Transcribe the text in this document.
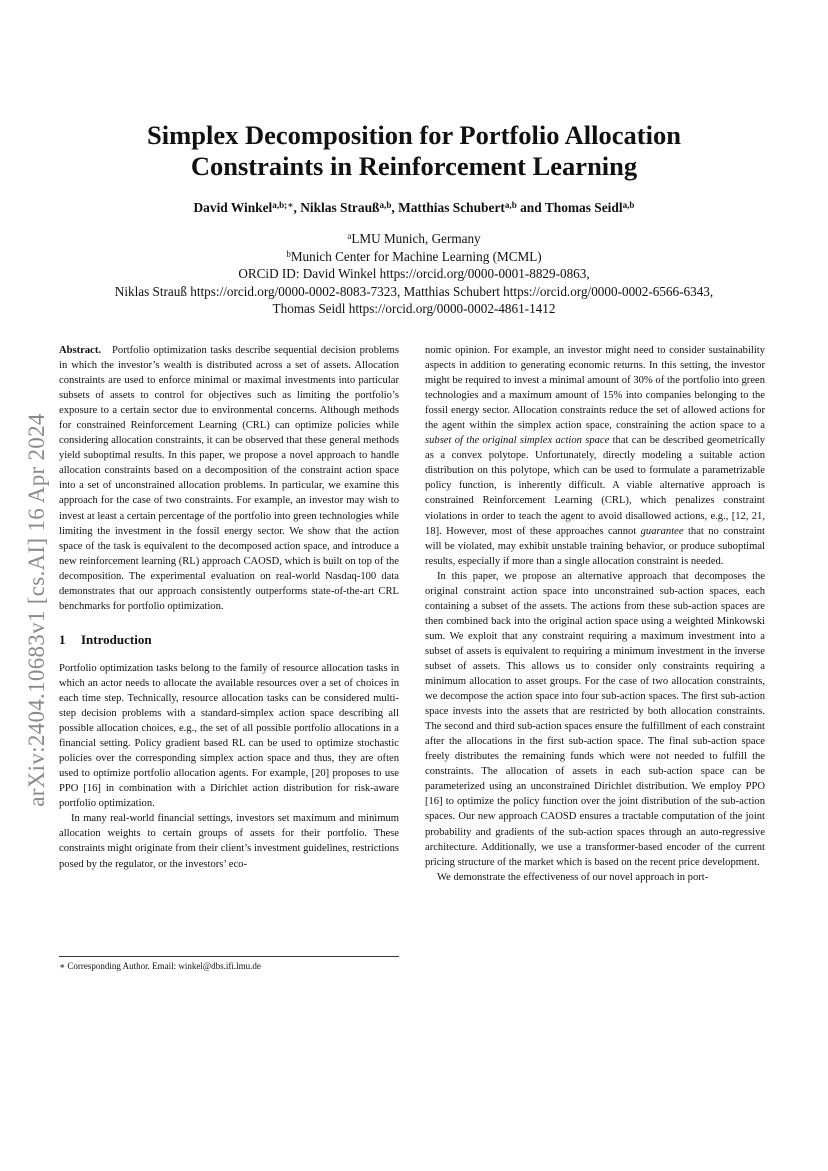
arXiv:2404.10683v1 [cs.AI] 16 Apr 2024
Simplex Decomposition for Portfolio Allocation
Constraints in Reinforcement Learning
David Winkel$^{a,b;∗}$, Niklas Strauß$^{a,b}$, Matthias Schubert$^{a,b}$ and Thomas Seidl$^{a,b}$
$^a$LMU Munich, Germany
$^b$Munich Center for Machine Learning (MCML)
ORCiD ID: David Winkel https://orcid.org/0000-0001-8829-0863,
Niklas Strauß https://orcid.org/0000-0002-8083-7323, Matthias Schubert https://orcid.org/0000-0002-6566-6343,
Thomas Seidl https://orcid.org/0000-0002-4861-1412

Abstract. Portfolio optimization tasks describe sequential decision problems in which the investor’s wealth is distributed across a set of assets. Allocation constraints are used to enforce minimal or maximal investments into particular subsets of assets to control for objectives such as limiting the portfolio’s exposure to a certain sector due to environmental concerns. Although methods for constrained Reinforcement Learning (CRL) can optimize policies while considering allocation constraints, it can be observed that these general methods yield suboptimal results. In this paper, we propose a novel approach to handle allocation constraints based on a decomposition of the constraint action space into a set of unconstrained allocation problems. In particular, we examine this approach for the case of two constraints. For example, an investor may wish to invest at least a certain percentage of the portfolio into green technologies while limiting the investment in the fossil energy sector. We show that the action space of the task is equivalent to the decomposed action space, and introduce a new reinforcement learning (RL) approach CAOSD, which is built on top of the decomposition. The experimental evaluation on real-world Nasdaq-100 data demonstrates that our approach consistently outperforms state-of-the-art CRL benchmarks for portfolio optimization.

1 Introduction

Portfolio optimization tasks belong to the family of resource allocation tasks in which an actor needs to allocate the available resources over a set of choices in each time step. Technically, resource allocation tasks can be considered multi-step decision problems with a standard-simplex action space describing all possible allocation choices, e.g., the set of all possible portfolio allocations in a financial setting. Policy gradient based RL can be used to optimize stochastic policies over the corresponding simplex action space and thus, they are often used to optimize portfolio allocation agents. For example, [20] proposes to use PPO [16] in combination with a Dirichlet action distribution for risk-aware portfolio optimization.

In many real-world financial settings, investors set maximum and minimum allocation weights to certain groups of assets for their portfolio. These constraints might originate from their client’s investment guidelines, restrictions posed by the regulator, or the investors’ eco-

∗ Corresponding Author. Email: winkel@dbs.ifi.lmu.de

nomic opinion. For example, an investor might need to consider sustainability aspects in addition to generating economic returns. In this setting, the investor might be required to invest a minimal amount of 30% of the portfolio into green technologies and a maximum amount of 15% into companies belonging to the fossil energy sector. Allocation constraints reduce the set of allowed actions for the agent within the simplex action space, constraining the action space to a subset of the original simplex action space that can be described geometrically as a convex polytope. Unfortunately, directly modeling a suitable action distribution on this polytope, which can be used to formulate a parametrizable policy function, is inherently difficult. A viable alternative approach is constrained Reinforcement Learning (CRL), which penalizes constraint violations in order to teach the agent to avoid disallowed actions, e.g., [12, 21, 18]. However, most of these approaches cannot guarantee that no constraint will be violated, may exhibit unstable training behavior, or produce suboptimal results, especially if more than a single allocation constraint is needed.

In this paper, we propose an alternative approach that decomposes the original constraint action space into unconstrained sub-action spaces, each containing a subset of the assets. The actions from these sub-action spaces are then combined back into the original action space using a weighted Minkowski sum. We exploit that any constraint requiring a maximum investment into a subset of assets is equivalent to requiring a minimum investment in the inverse subset of assets. This allows us to consider only constraints requiring a minimum allocation to asset groups. For the case of two allocation constraints, we decompose the action space into four sub-action spaces. The first sub-action space invests into the assets that are restricted by both allocation constraints. The second and third sub-action spaces ensure the fulfillment of each constraint after the allocations in the first sub-action space. The final sub-action space freely distributes the remaining funds which were not needed to fulfill the constraints. The allocation of assets in each sub-action space can be parameterized using an unconstrained Dirichlet distribution. We employ PPO [16] to optimize the policy function over the joint distribution of the sub-action spaces. Our new approach CAOSD ensures a tractable computation of the joint probability and gradients of the sub-action spaces through an auto-regressive architecture. Additionally, we use a transformer-based encoder of the current pricing structure of the market which is based on the recent price development.

We demonstrate the effectiveness of our novel approach in port-
